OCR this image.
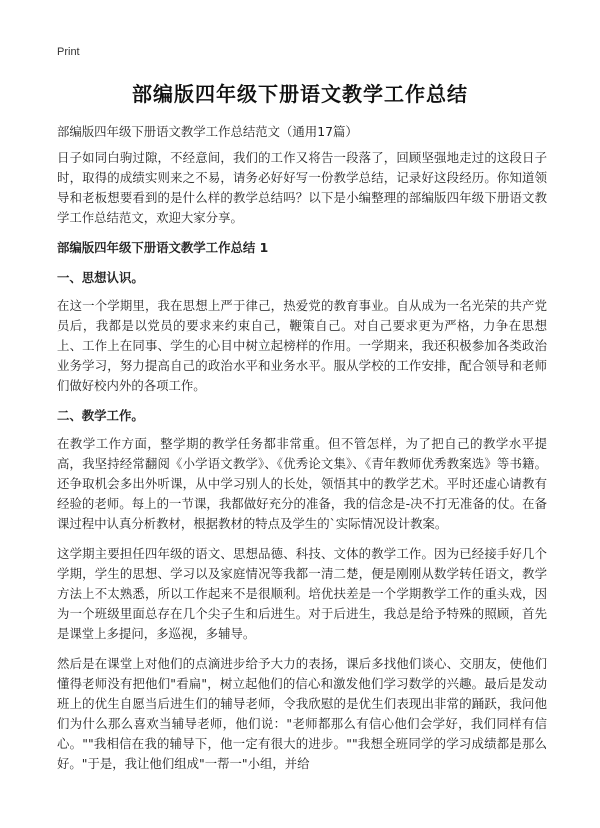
Print
部编版四年级下册语文教学工作总结

部编版四年级下册语文教学工作总结范文（通用17篇）

日子如同白驹过隙，不经意间，我们的工作又将告一段落了，回顾坚强地走过的这段日子时，取得的成绩实则来之不易，请务必好好写一份教学总结，记录好这段经历。你知道领导和老板想要看到的是什么样的教学总结吗？以下是小编整理的部编版四年级下册语文教学工作总结范文，欢迎大家分享。

部编版四年级下册语文教学工作总结 1

一、思想认识。

在这一个学期里，我在思想上严于律己，热爱党的教育事业。自从成为一名光荣的共产党员后，我都是以党员的要求来约束自己，鞭策自己。对自己要求更为严格，力争在思想上、工作上在同事、学生的心目中树立起榜样的作用。一学期来，我还积极参加各类政治业务学习，努力提高自己的政治水平和业务水平。服从学校的工作安排，配合领导和老师们做好校内外的各项工作。

二、教学工作。

在教学工作方面，整学期的教学任务都非常重。但不管怎样，为了把自己的教学水平提高，我坚持经常翻阅《小学语文教学》、《优秀论文集》、《青年教师优秀教案选》等书籍。还争取机会多出外听课，从中学习别人的长处，领悟其中的教学艺术。平时还虚心请教有经验的老师。每上的一节课，我都做好充分的准备，我的信念是-决不打无准备的仗。在备课过程中认真分析教材，根据教材的特点及学生的`实际情况设计教案。

这学期主要担任四年级的语文、思想品德、科技、文体的教学工作。因为已经接手好几个学期，学生的思想、学习以及家庭情况等我都一清二楚，便是刚刚从数学转任语文，教学方法上不太熟悉，所以工作起来不是很顺利。培优扶差是一个学期教学工作的重头戏，因为一个班级里面总存在几个尖子生和后进生。对于后进生，我总是给予特殊的照顾，首先是课堂上多提问，多巡视，多辅导。

然后是在课堂上对他们的点滴进步给予大力的表扬，课后多找他们谈心、交朋友，使他们懂得老师没有把他们"看扁"，树立起他们的信心和激发他们学习数学的兴趣。最后是发动班上的优生自愿当后进生们的辅导老师，令我欣慰的是优生们表现出非常的踊跃，我问他们为什么那么喜欢当辅导老师，他们说："老师都那么有信心他们会学好，我们同样有信心。""我相信在我的辅导下，他一定有很大的进步。""我想全班同学的学习成绩都是那么好。"于是，我让他们组成"一帮一"小组，并给
